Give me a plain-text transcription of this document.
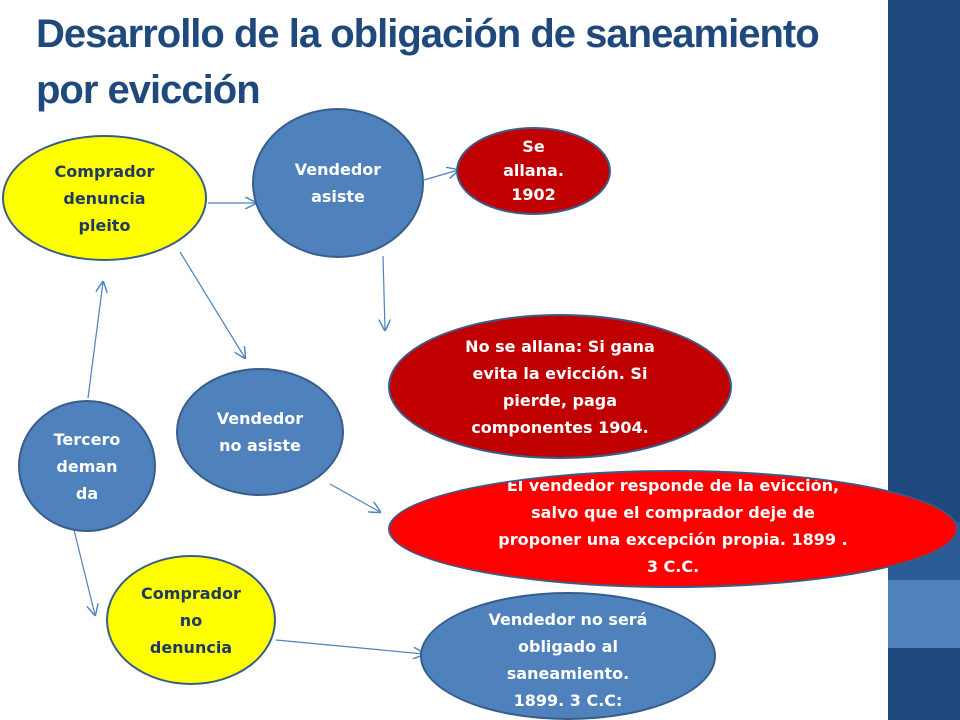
Desarrollo de la obligación de saneamiento por evicción
Comprador
denuncia
pleito
Vendedor
asiste
Se
allana.
1902
No se allana: Si gana
evita la evicción. Si
pierde, paga
componentes 1904.
Vendedor
no asiste
Tercero
deman
da	El vendedor responde de la evicción,
salvo que el comprador deje de
proponer una excepción propia. 1899 .
3 C.C.
Comprador
no
denuncia
Vendedor no será
obligado al
saneamiento.
1899. 3 C.C:
